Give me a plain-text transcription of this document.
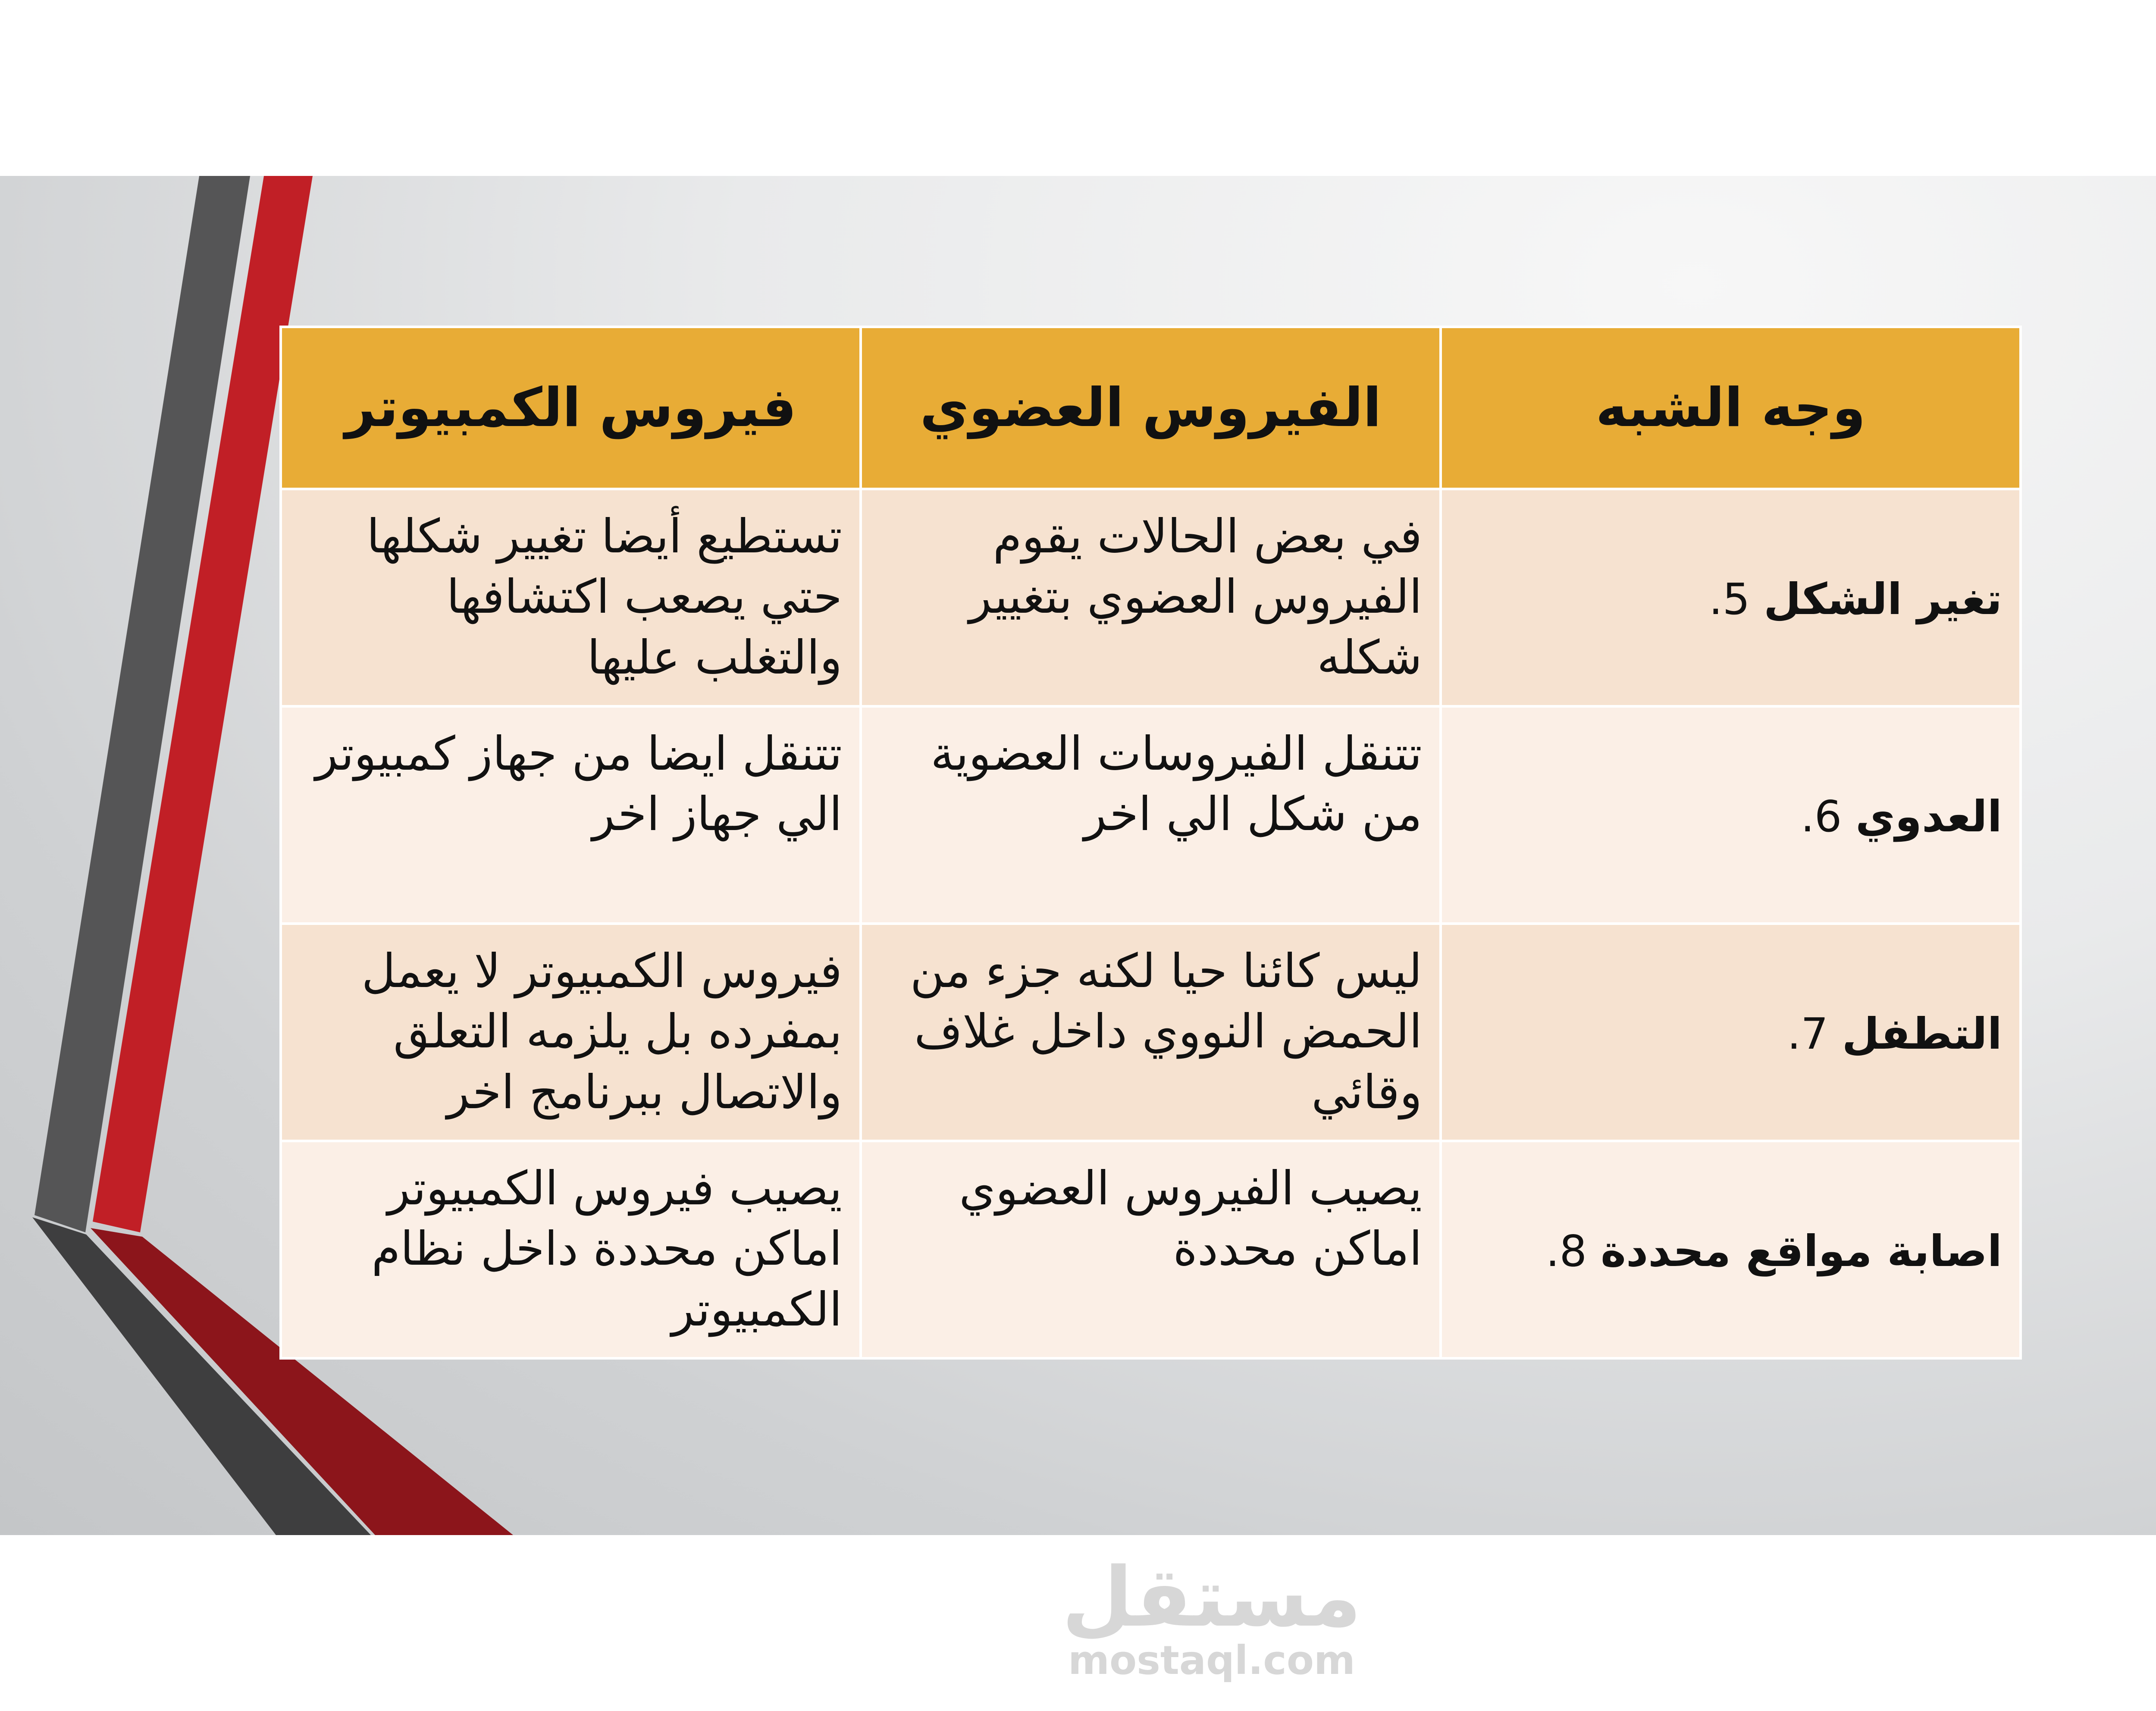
وجه الشبه	الفيروس العضوي	فيروس الكمبيوتر
تغير الشكل 5.	في بعض الحالات يقوم الفيروس العضوي بتغيير شكله	تستطيع أيضا تغيير شكلها حتي يصعب اكتشافها والتغلب عليها
العدوي 6.	تتنقل الفيروسات العضوية من شكل الي اخر	تتنقل ايضا من جهاز كمبيوتر الي جهاز اخر
التطفل 7.	ليس كائنا حيا لكنه جزء من الحمض النووي داخل غلاف وقائي	فيروس الكمبيوتر لا يعمل بمفرده بل يلزمه التعلق والاتصال ببرنامج اخر
اصابة مواقع محددة 8.	يصيب الفيروس العضوي اماكن محددة	يصيب فيروس الكمبيوتر اماكن محددة داخل نظام الكمبيوتر
مستقل
mostaql.com
